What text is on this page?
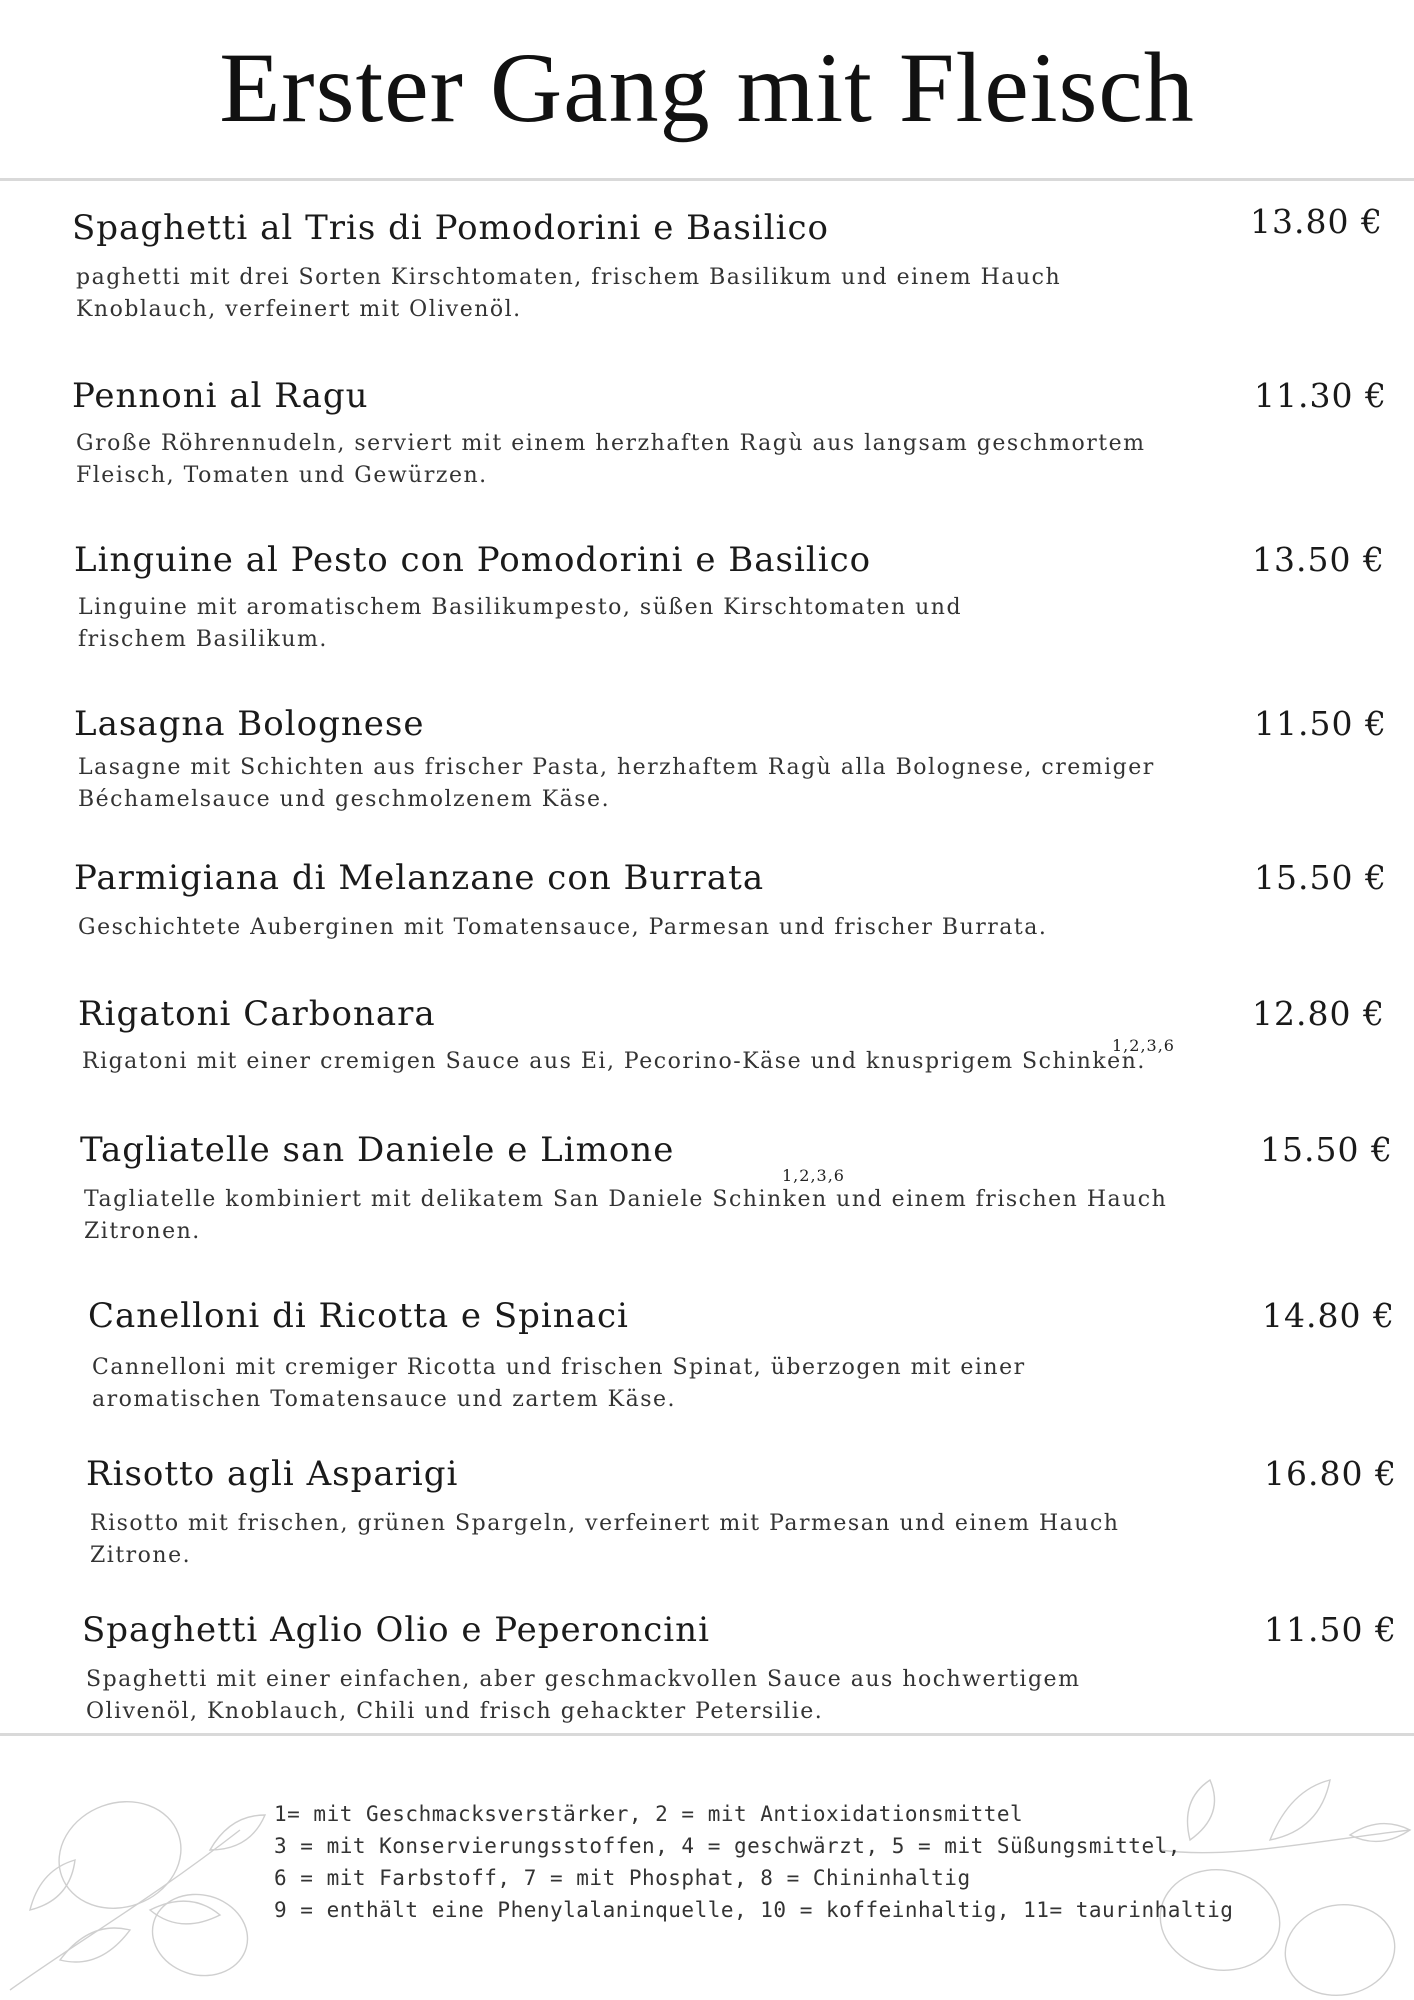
Erster Gang mit Fleisch
Spaghetti al Tris di Pomodorini e Basilico
paghetti mit drei Sorten Kirschtomaten, frischem Basilikum und einem Hauch
Knoblauch, verfeinert mit Olivenöl.
13.80 €
Pennoni al Ragu
Große Röhrennudeln, serviert mit einem herzhaften Ragù aus langsam geschmortem
Fleisch, Tomaten und Gewürzen.
11.30 €
Linguine al Pesto con Pomodorini e Basilico
Linguine mit aromatischem Basilikumpesto, süßen Kirschtomaten und
frischem Basilikum.
13.50 €
Lasagna Bolognese
Lasagne mit Schichten aus frischer Pasta, herzhaftem Ragù alla Bolognese, cremiger
Béchamelsauce und geschmolzenem Käse.
11.50 €
Parmigiana di Melanzane con Burrata
Geschichtete Auberginen mit Tomatensauce, Parmesan und frischer Burrata.
15.50 €
Rigatoni Carbonara
Rigatoni mit einer cremigen Sauce aus Ei, Pecorino-Käse und knusprigem Schinken.
1,2,3,6
12.80 €
Tagliatelle san Daniele e Limone
Tagliatelle kombiniert mit delikatem San Daniele Schinken und einem frischen Hauch
Zitronen.
1,2,3,6
15.50 €
Canelloni di Ricotta e Spinaci
Cannelloni mit cremiger Ricotta und frischen Spinat, überzogen mit einer
aromatischen Tomatensauce und zartem Käse.
14.80 €
Risotto agli Asparigi
Risotto mit frischen, grünen Spargeln, verfeinert mit Parmesan und einem Hauch
Zitrone.
16.80 €
Spaghetti Aglio Olio e Peperoncini
Spaghetti mit einer einfachen, aber geschmackvollen Sauce aus hochwertigem
Olivenöl, Knoblauch, Chili und frisch gehackter Petersilie.
11.50 €
1= mit Geschmacksverstärker, 2 = mit Antioxidationsmittel
3 = mit Konservierungsstoffen, 4 = geschwärzt, 5 = mit Süßungsmittel,
6 = mit Farbstoff, 7 = mit Phosphat, 8 = Chininhaltig
9 = enthält eine Phenylalaninquelle, 10 = koffeinhaltig, 11= taurinhaltig
